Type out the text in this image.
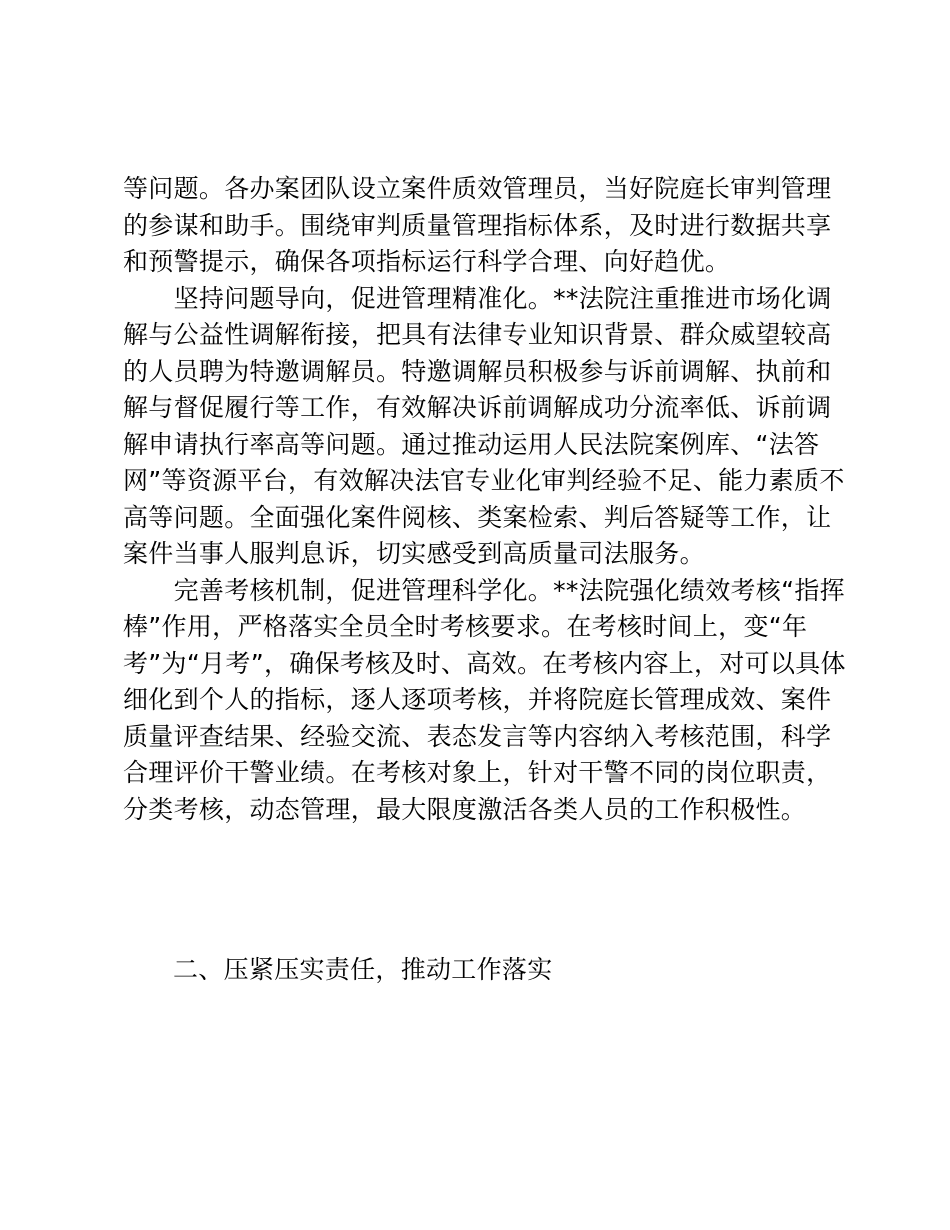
等问题。各办案团队设立案件质效管理员，当好院庭长审判管理

的参谋和助手。围绕审判质量管理指标体系，及时进行数据共享

和预警提示，确保各项指标运行科学合理、向好趋优。

　　坚持问题导向，促进管理精准化。**法院注重推进市场化调

解与公益性调解衔接，把具有法律专业知识背景、群众威望较高

的人员聘为特邀调解员。特邀调解员积极参与诉前调解、执前和

解与督促履行等工作，有效解决诉前调解成功分流率低、诉前调

解申请执行率高等问题。通过推动运用人民法院案例库、“法答

网”等资源平台，有效解决法官专业化审判经验不足、能力素质不

高等问题。全面强化案件阅核、类案检索、判后答疑等工作，让

案件当事人服判息诉，切实感受到高质量司法服务。

　　完善考核机制，促进管理科学化。**法院强化绩效考核“指挥

棒”作用，严格落实全员全时考核要求。在考核时间上，变“年

考”为“月考”，确保考核及时、高效。在考核内容上，对可以具体

细化到个人的指标，逐人逐项考核，并将院庭长管理成效、案件

质量评查结果、经验交流、表态发言等内容纳入考核范围，科学

合理评价干警业绩。在考核对象上，针对干警不同的岗位职责，

分类考核，动态管理，最大限度激活各类人员的工作积极性。

二、压紧压实责任，推动工作落实
